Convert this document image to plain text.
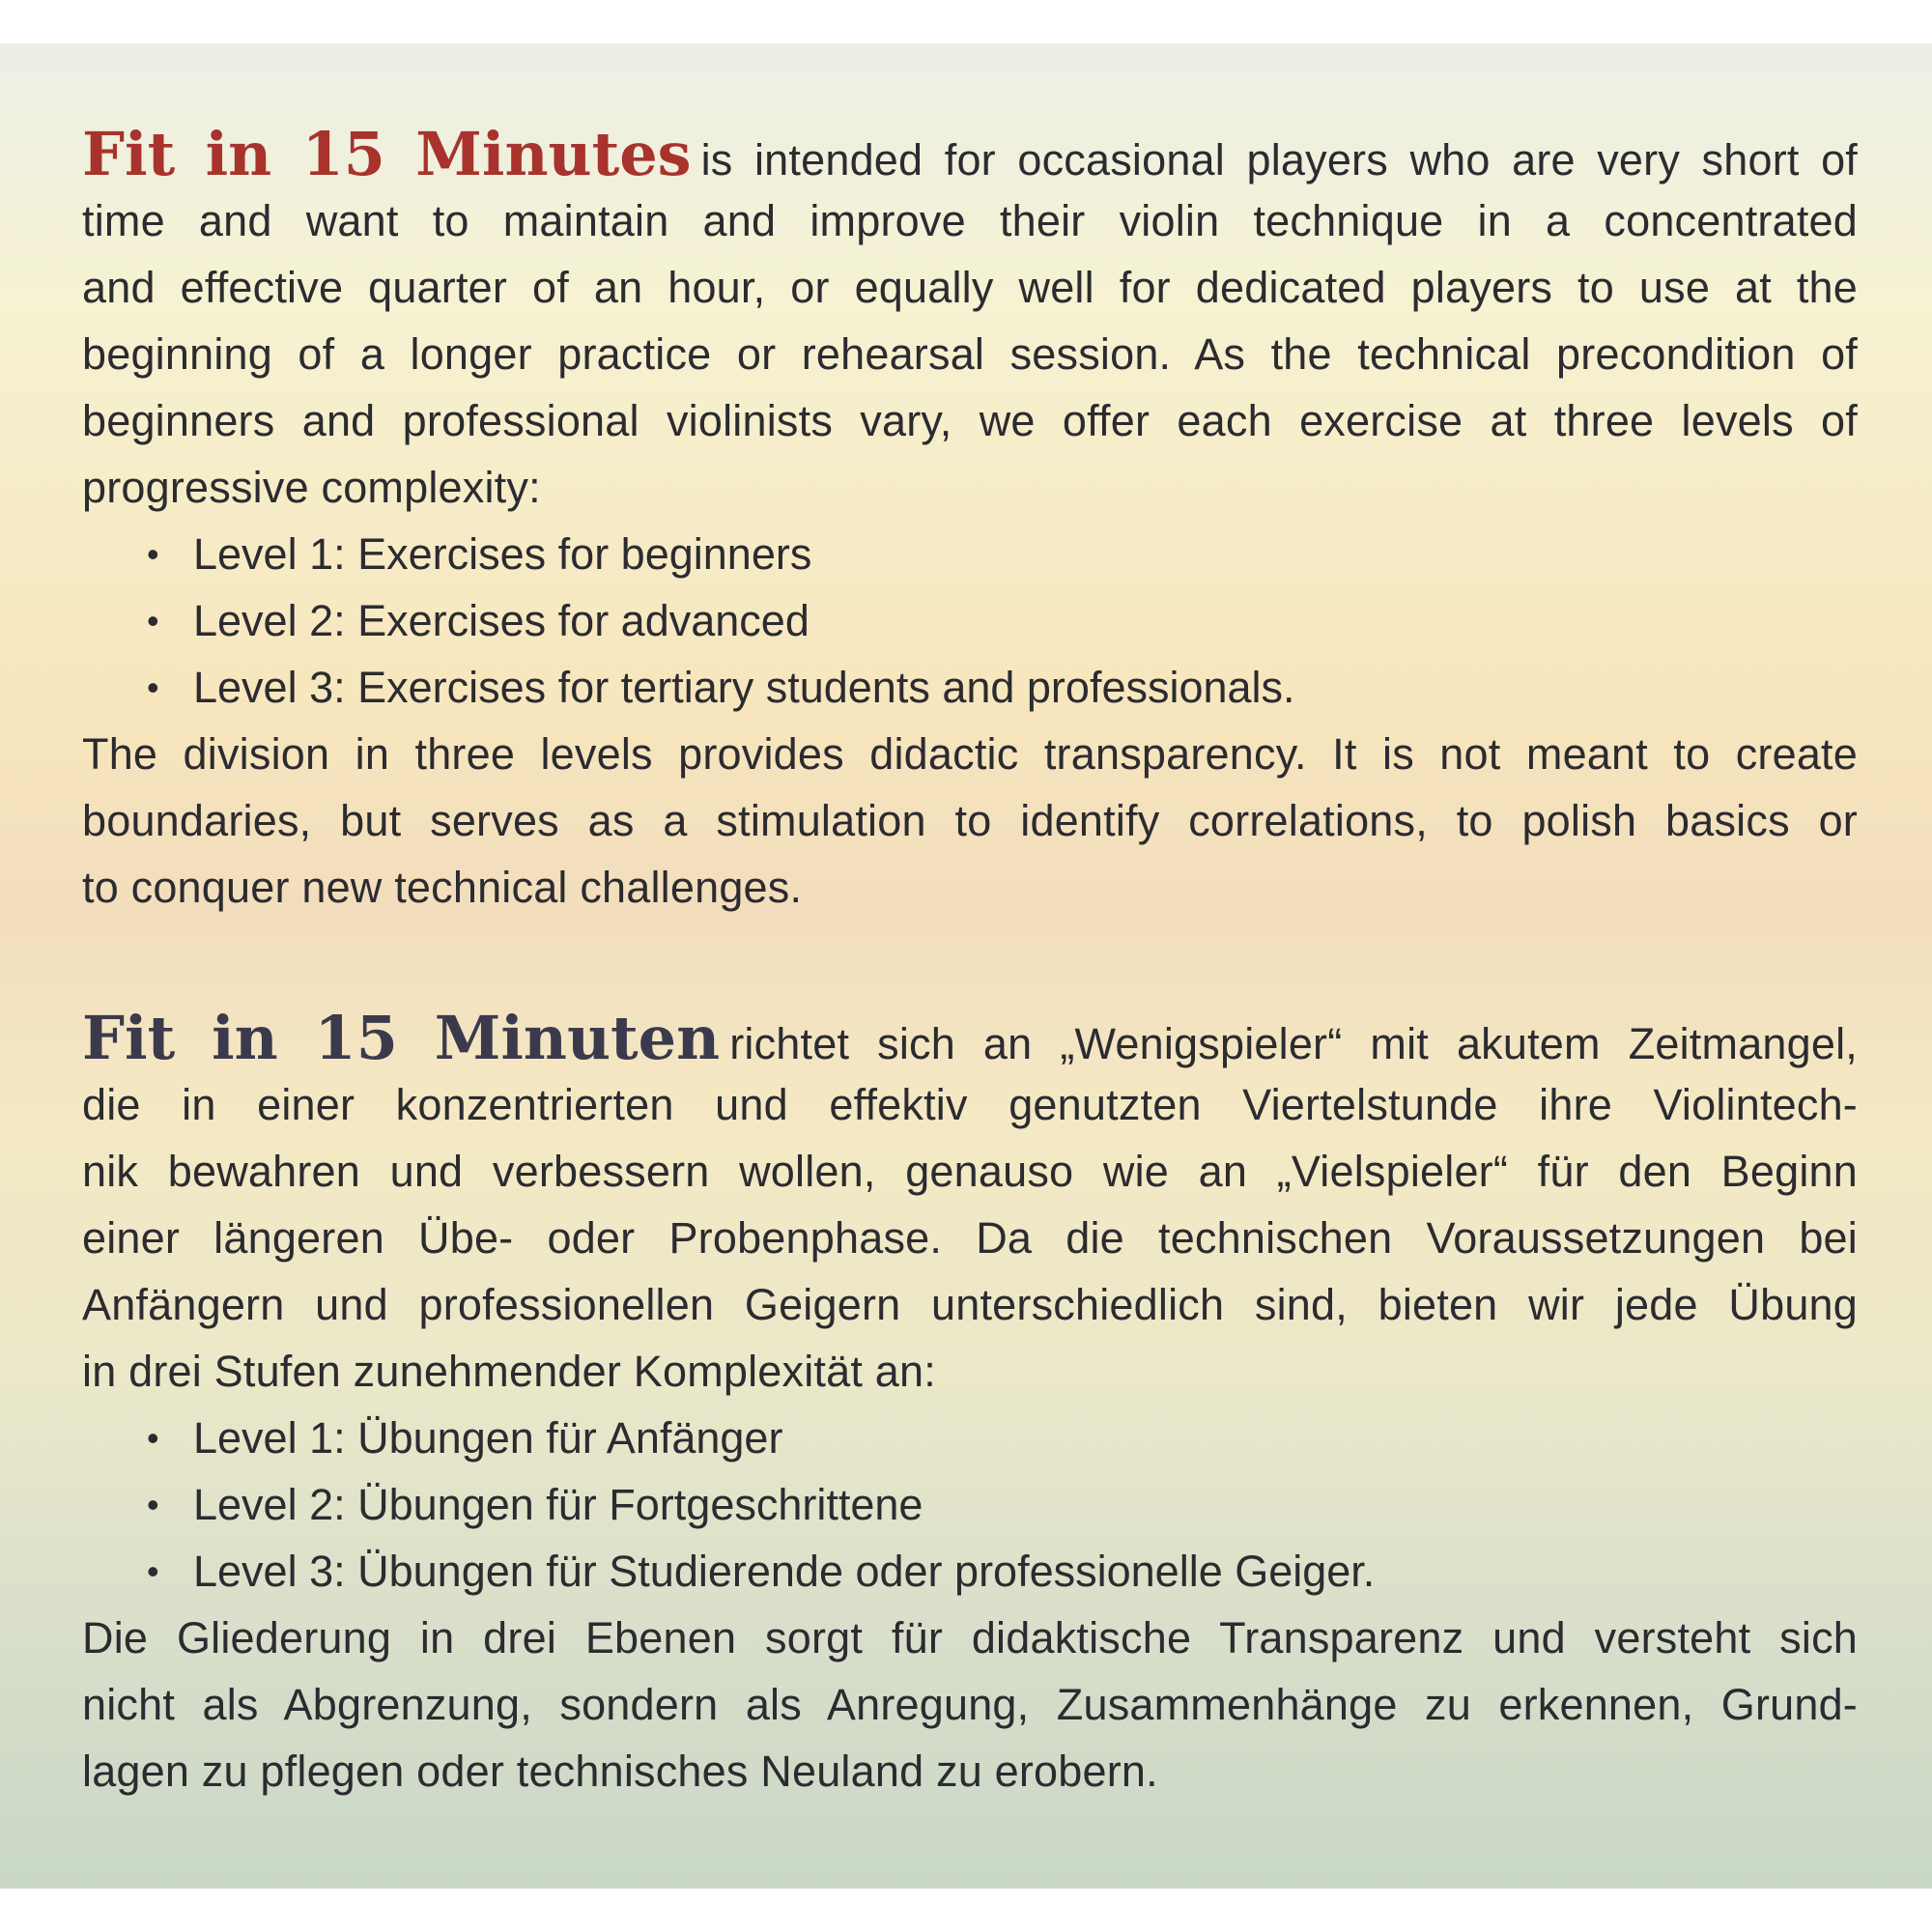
Fit in 15 Minutes is intended for occasional players who are very short of
time and want to maintain and improve their violin technique in a concentrated
and effective quarter of an hour, or equally well for dedicated players to use at the
beginning of a longer practice or rehearsal session. As the technical precondition of
beginners and professional violinists vary, we offer each exercise at three levels of
progressive complexity:
• Level 1: Exercises for beginners
• Level 2: Exercises for advanced
• Level 3: Exercises for tertiary students and professionals.
The division in three levels provides didactic transparency. It is not meant to create
boundaries, but serves as a stimulation to identify correlations, to polish basics or
to conquer new technical challenges.
Fit in 15 Minuten richtet sich an „Wenigspieler“ mit akutem Zeitmangel,
die in einer konzentrierten und effektiv genutzten Viertelstunde ihre Violintech-
nik bewahren und verbessern wollen, genauso wie an „Vielspieler“ für den Beginn
einer längeren Übe- oder Probenphase. Da die technischen Voraussetzungen bei
Anfängern und professionellen Geigern unterschiedlich sind, bieten wir jede Übung
in drei Stufen zunehmender Komplexität an:
• Level 1: Übungen für Anfänger
• Level 2: Übungen für Fortgeschrittene
• Level 3: Übungen für Studierende oder professionelle Geiger.
Die Gliederung in drei Ebenen sorgt für didaktische Transparenz und versteht sich
nicht als Abgrenzung, sondern als Anregung, Zusammenhänge zu erkennen, Grund-
lagen zu pflegen oder technisches Neuland zu erobern.
